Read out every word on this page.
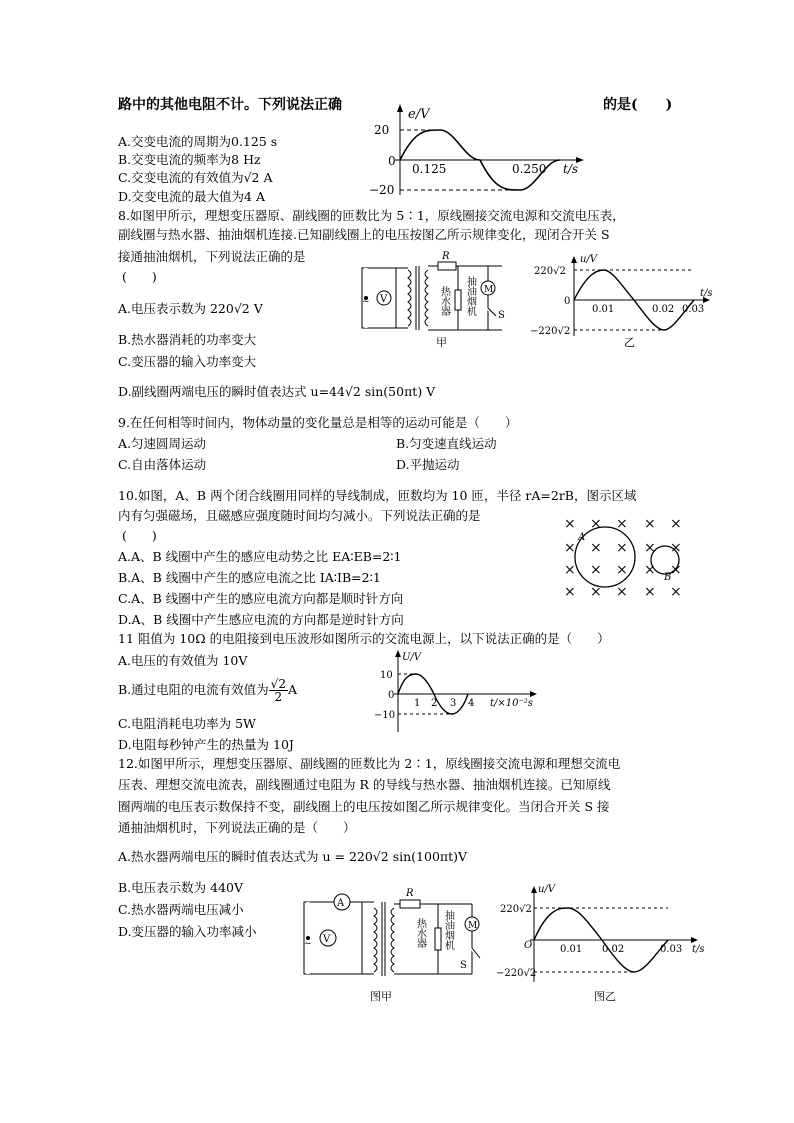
路中的其他电阻不计。下列说法正确	的是(　　)
A.交变电流的周期为0.125 s
B.交变电流的频率为8 Hz
C.交变电流的有效值为√2 A
D.交变电流的最大值为4 A
e/V
20
0
−20
0.125	0.250 t/s
8.如图甲所示，理想变压器原、副线圈的匝数比为 5∶1，原线圈接交流电源和交流电压表，
副线圈与热水器、抽油烟机连接.已知副线圈上的电压按图乙所示规律变化，现闭合开关 S
接通抽油烟机，下列说法正确的是
(　　)
A.电压表示数为 220√2 V
B.热水器消耗的功率变大
C.变压器的输入功率变大
D.副线圈两端电压的瞬时值表达式 u=44√2 sin(50πt) V
~ V
R
热水器	M
S
抽油烟机
甲
u/V
220√2
0
−220√2
0.01	0.02 0.03
t/s
乙
9.在任何相等时间内，物体动量的变化量总是相等的运动可能是（　　）
A.匀速圆周运动	B.匀变速直线运动
C.自由落体运动	D.平抛运动
10.如图，A、B 两个闭合线圈用同样的导线制成，匝数均为 10 匝，半径 rA=2rB，图示区域
内有匀强磁场，且磁感应强度随时间均匀减小。下列说法正确的是
(　　)
A.A、B 线圈中产生的感应电动势之比 EA∶EB=2∶1
B.A、B 线圈中产生的感应电流之比 IA∶IB=2∶1
C.A、B 线圈中产生的感应电流方向都是顺时针方向
D.A、B 线圈中产生感应电流的方向都是逆时针方向
× × × × ×
× × × × ×
× × × × ×
× × × × ×
A
B
11 阻值为 10Ω 的电阻接到电压波形如图所示的交流电源上，以下说法正确的是（　　）
A.电压的有效值为 10V
B.通过电阻的电流有效值为 $\frac{√2}{2}$ A
C.电阻消耗电功率为 5W
D.电阻每秒钟产生的热量为 10J
U/V
10
0
−10
1 2 3 4 t/×10⁻²s
12.如图甲所示，理想变压器原、副线圈的匝数比为 2∶1，原线圈接交流电源和理想交流电
压表、理想交流电流表，副线圈通过电阻为 R 的导线与热水器、抽油烟机连接。已知原线
圈两端的电压表示数保持不变，副线圈上的电压按如图乙所示规律变化。当闭合开关 S 接
通抽油烟机时，下列说法正确的是（　　）
A.热水器两端电压的瞬时值表达式为 u = 220√2 sin(100πt)V
B.电压表示数为 440V
C.热水器两端电压减小
D.变压器的输入功率减小
~
A
V
R
热水器	M
S
抽油烟机
图甲
u/V
220√2
O
−220√2
0.01 0.02	0.03 t/s
图乙
